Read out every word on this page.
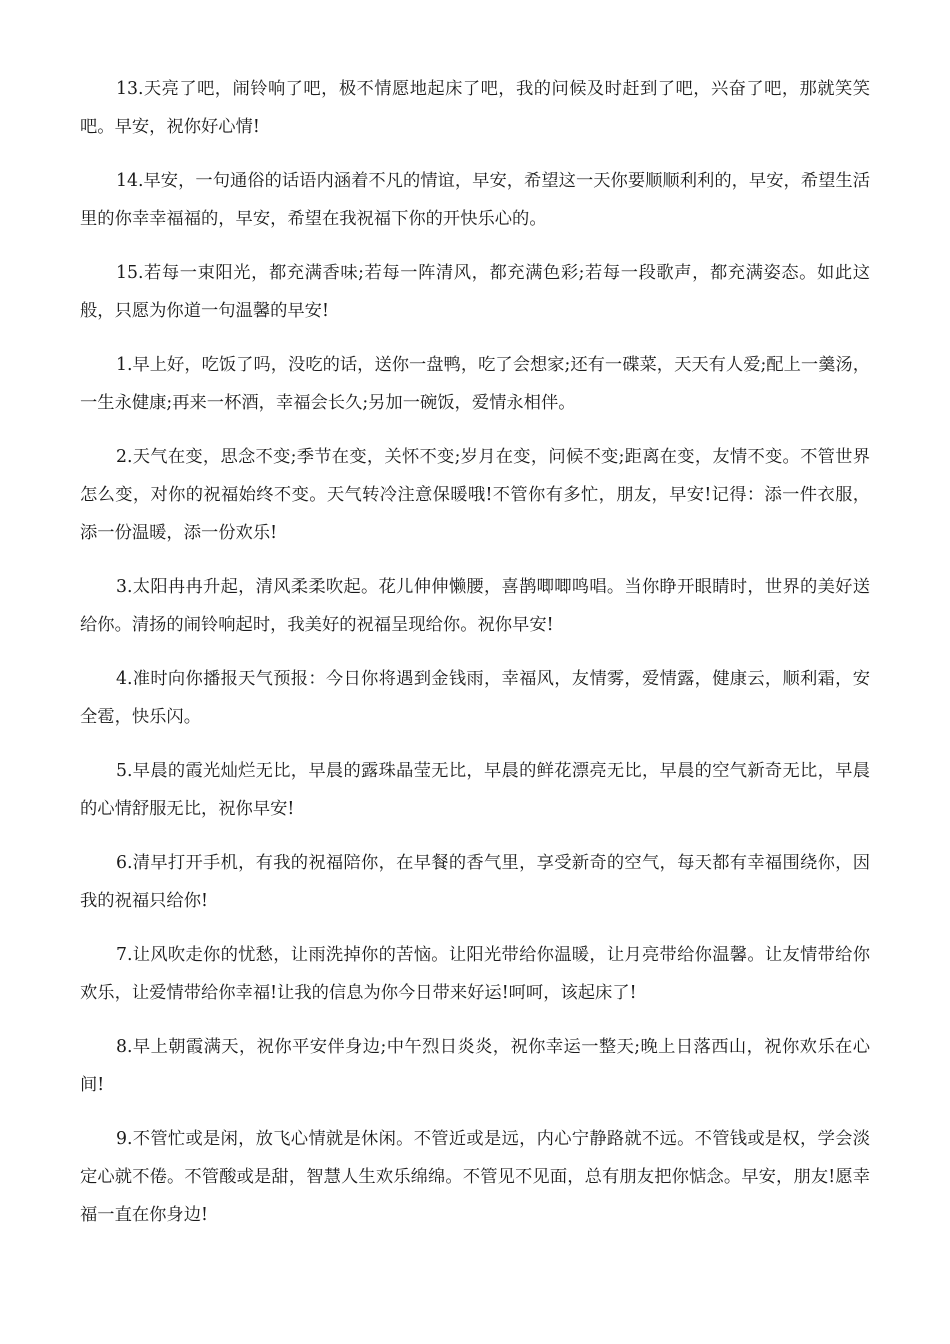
13.天亮了吧，闹铃响了吧，极不情愿地起床了吧，我的问候及时赶到了吧，兴奋了吧，那就笑笑吧。早安，祝你好心情!

14.早安，一句通俗的话语内涵着不凡的情谊，早安，希望这一天你要顺顺利利的，早安，希望生活里的你幸幸福福的，早安，希望在我祝福下你的开快乐心的。

15.若每一束阳光，都充满香味;若每一阵清风，都充满色彩;若每一段歌声，都充满姿态。如此这般，只愿为你道一句温馨的早安!

1.早上好，吃饭了吗，没吃的话，送你一盘鸭，吃了会想家;还有一碟菜，天天有人爱;配上一羹汤，一生永健康;再来一杯酒，幸福会长久;另加一碗饭，爱情永相伴。

2.天气在变，思念不变;季节在变，关怀不变;岁月在变，问候不变;距离在变，友情不变。不管世界怎么变，对你的祝福始终不变。天气转冷注意保暖哦!不管你有多忙，朋友，早安!记得：添一件衣服，添一份温暖，添一份欢乐!

3.太阳冉冉升起，清风柔柔吹起。花儿伸伸懒腰，喜鹊唧唧鸣唱。当你睁开眼睛时，世界的美好送给你。清扬的闹铃响起时，我美好的祝福呈现给你。祝你早安!

4.准时向你播报天气预报：今日你将遇到金钱雨，幸福风，友情雾，爱情露，健康云，顺利霜，安全雹，快乐闪。

5.早晨的霞光灿烂无比，早晨的露珠晶莹无比，早晨的鲜花漂亮无比，早晨的空气新奇无比，早晨的心情舒服无比，祝你早安!

6.清早打开手机，有我的祝福陪你，在早餐的香气里，享受新奇的空气，每天都有幸福围绕你，因我的祝福只给你!

7.让风吹走你的忧愁，让雨洗掉你的苦恼。让阳光带给你温暖，让月亮带给你温馨。让友情带给你欢乐，让爱情带给你幸福!让我的信息为你今日带来好运!呵呵，该起床了!

8.早上朝霞满天，祝你平安伴身边;中午烈日炎炎，祝你幸运一整天;晚上日落西山，祝你欢乐在心间!

9.不管忙或是闲，放飞心情就是休闲。不管近或是远，内心宁静路就不远。不管钱或是权，学会淡定心就不倦。不管酸或是甜，智慧人生欢乐绵绵。不管见不见面，总有朋友把你惦念。早安，朋友!愿幸福一直在你身边!
